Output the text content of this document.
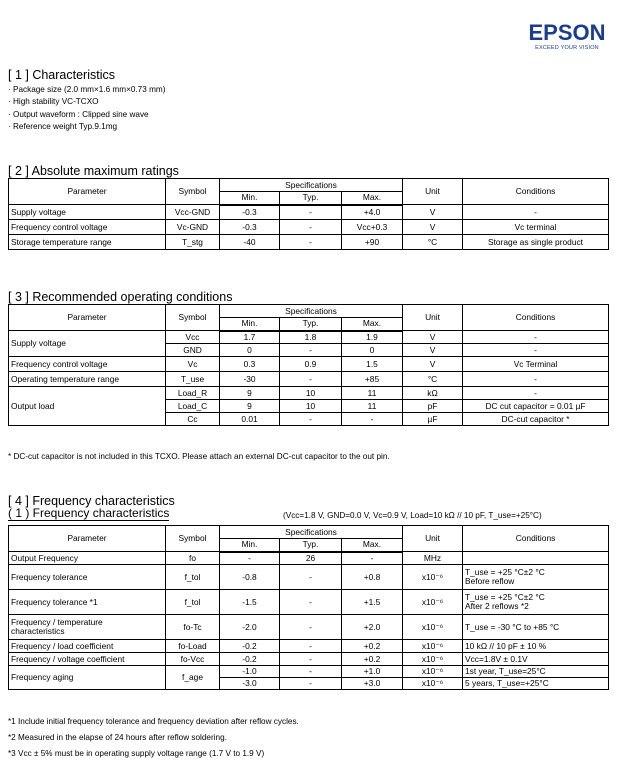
EPSON
EXCEED YOUR VISION
[ 1 ] Characteristics
· Package size (2.0 mm×1.6 mm×0.73 mm)
· High stability VC-TCXO
· Output waveform : Clipped sine wave
· Reference weight Typ.9.1mg
[ 2 ] Absolute maximum ratings
Parameter	Symbol	Specifications			Unit	Conditions
		Min.	Typ.	Max.		
Supply voltage	Vcc-GND	-0.3	-	+4.0	V	-
Frequency control voltage	Vc-GND	-0.3	-	Vcc+0.3	V	Vc terminal
Storage temperature range	T_stg	-40	-	+90	°C	Storage as single product
[ 3 ] Recommended operating conditions
Parameter	Symbol	Specifications			Unit	Conditions
		Min.	Typ.	Max.		
Supply voltage	Vcc	1.7	1.8	1.9	V	-
	GND	0	-	0	V	-
Frequency control voltage	Vc	0.3	0.9	1.5	V	Vc Terminal
Operating temperature range	T_use	-30	-	+85	°C	-
Output load	Load_R	9	10	11	kΩ	-
	Load_C	9	10	11	pF	DC cut capacitor = 0.01 µF
	Cc	0.01	-	-	µF	DC-cut capacitor *
* DC-cut capacitor is not included in this TCXO. Please attach an external DC-cut capacitor to the out pin.
[ 4 ] Frequency characteristics
( 1 ) Frequency characteristics	(Vcc=1.8 V, GND=0.0 V, Vc=0.9 V, Load=10 kΩ // 10 pF, T_use=+25°C)
Parameter	Symbol	Specifications			Unit	Conditions
		Min.	Typ.	Max.		
Output Frequency	fo	-	26	-	MHz	
Frequency tolerance	f_tol	-0.8	-	+0.8	x10⁻⁶	T_use = +25 °C±2 °C
Before reflow

Frequency tolerance *1	f_tol	-1.5	-	+1.5	x10⁻⁶	T_use = +25 °C±2 °C
After 2 reflows *2

Frequency / temperature
characteristics	fo-Tc	-2.0	-	+2.0	x10⁻⁶	T_use = -30 °C to +85 °C
Frequency / load coefficient	fo-Load	-0.2	-	+0.2	x10⁻⁶	10 kΩ // 10 pF ± 10 %
Frequency / voltage coefficient	fo-Vcc	-0.2	-	+0.2	x10⁻⁶	Vcc=1.8V ± 0.1V
Frequency aging	f_age	-1.0	-	+1.0	x10⁻⁶	1st year, T_use=25°C
		-3.0	-	+3.0	x10⁻⁶	5 years, T_use=+25°C
*1 Include initial frequency tolerance and frequency deviation after reflow cycles.
*2 Measured in the elapse of 24 hours after reflow soldering.
*3 Vcc ± 5% must be in operating supply voltage range (1.7 V to 1.9 V)
